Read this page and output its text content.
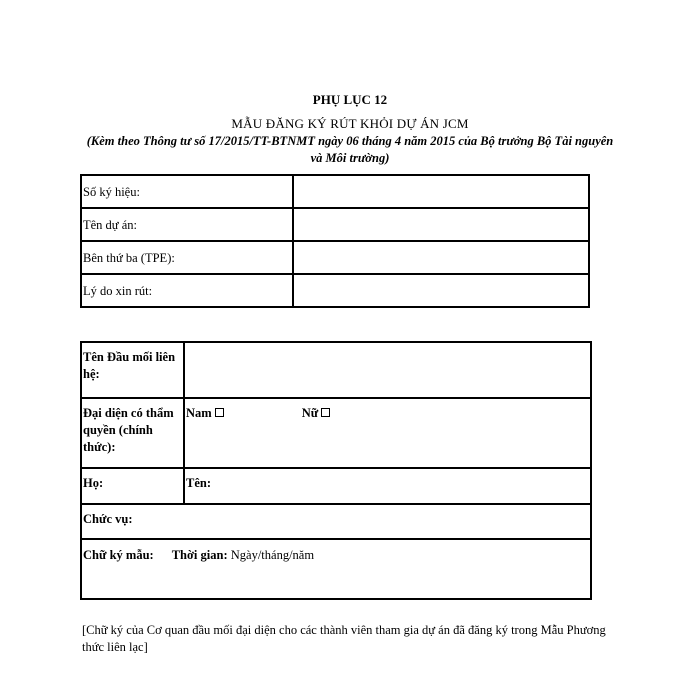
PHỤ LỤC 12
MẪU ĐĂNG KÝ RÚT KHỎI DỰ ÁN JCM
(Kèm theo Thông tư số 17/2015/TT-BTNMT ngày 06 tháng 4 năm 2015 của Bộ trưởng Bộ Tài nguyên và Môi trường)
Số ký hiệu:	
Tên dự án:	
Bên thứ ba (TPE):	
Lý do xin rút:	
Tên Đầu mối liên hệ:	
Đại diện có thẩm quyền (chính thức):	Nam Nữ
Họ:	Tên:
Chức vụ:	
Chữ ký mẫu: Thời gian: Ngày/tháng/năm	
[Chữ ký của Cơ quan đầu mối đại diện cho các thành viên tham gia dự án đã đăng ký trong Mẫu Phương thức liên lạc]
